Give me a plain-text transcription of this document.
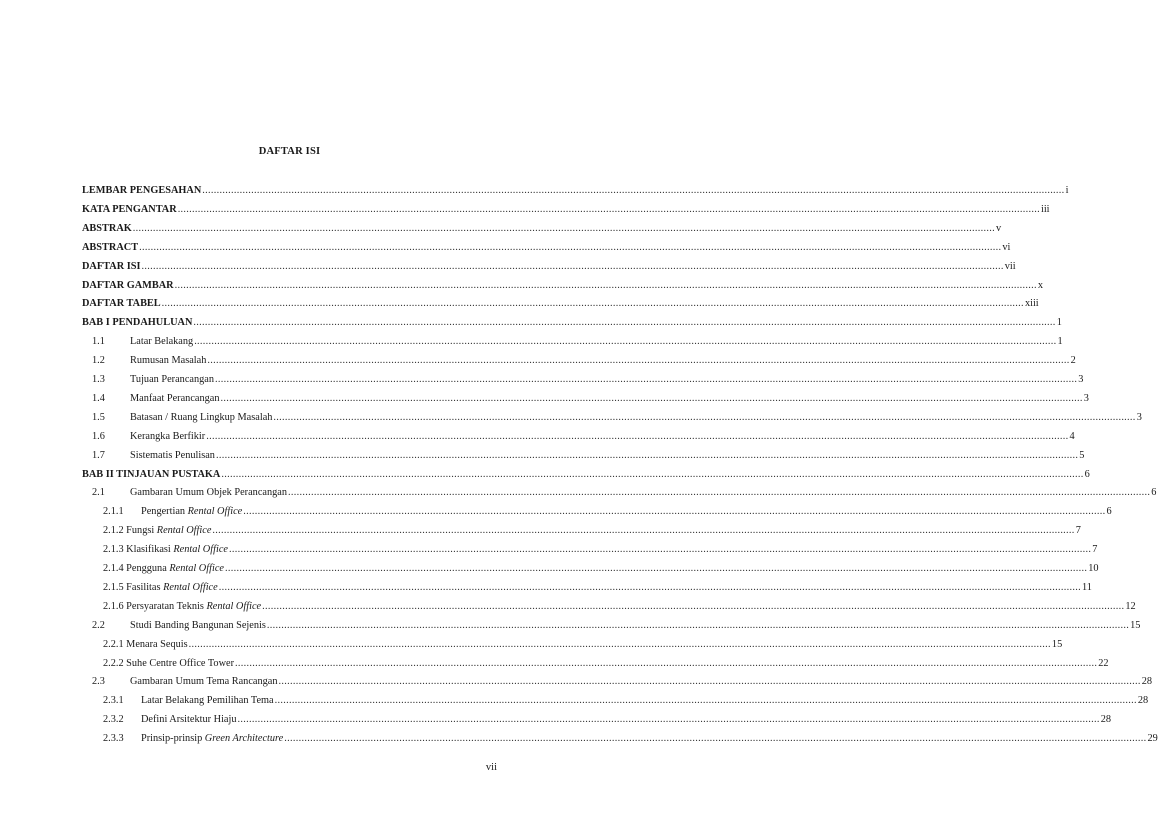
DAFTAR ISI
LEMBAR PENGESAHAN ............................................................................................................................................................................................................................................................................................................ i
KATA PENGANTAR ............................................................................................................................................................................................................................................................................................................ iii
ABSTRAK ............................................................................................................................................................................................................................................................................................................ v
ABSTRACT ............................................................................................................................................................................................................................................................................................................ vi
DAFTAR ISI ............................................................................................................................................................................................................................................................................................................ vii
DAFTAR GAMBAR ............................................................................................................................................................................................................................................................................................................ x
DAFTAR TABEL ............................................................................................................................................................................................................................................................................................................ xiii
BAB I PENDAHULUAN ............................................................................................................................................................................................................................................................................................................ 1
1.1	Latar Belakang ............................................................................................................................................................................................................................................................................................................ 1
1.2	Rumusan Masalah ............................................................................................................................................................................................................................................................................................................ 2
1.3	Tujuan Perancangan ............................................................................................................................................................................................................................................................................................................ 3
1.4	Manfaat Perancangan ............................................................................................................................................................................................................................................................................................................ 3
1.5	Batasan / Ruang Lingkup Masalah ............................................................................................................................................................................................................................................................................................................ 3
1.6	Kerangka Berfikir ............................................................................................................................................................................................................................................................................................................ 4
1.7	Sistematis Penulisan ............................................................................................................................................................................................................................................................................................................ 5
BAB II TINJAUAN PUSTAKA ............................................................................................................................................................................................................................................................................................................ 6
2.1	Gambaran Umum Objek Perancangan ............................................................................................................................................................................................................................................................................................................ 6
2.1.1	Pengertian Rental Office ............................................................................................................................................................................................................................................................................................................ 6
2.1.2 Fungsi Rental Office ............................................................................................................................................................................................................................................................................................................ 7
2.1.3 Klasifikasi Rental Office ............................................................................................................................................................................................................................................................................................................ 7
2.1.4 Pengguna Rental Office ............................................................................................................................................................................................................................................................................................................ 10
2.1.5 Fasilitas Rental Office ............................................................................................................................................................................................................................................................................................................ 11
2.1.6 Persyaratan Teknis Rental Office ............................................................................................................................................................................................................................................................................................................ 12
2.2	Studi Banding Bangunan Sejenis ............................................................................................................................................................................................................................................................................................................ 15
2.2.1 Menara Sequis ............................................................................................................................................................................................................................................................................................................ 15
2.2.2 Suhe Centre Office Tower ............................................................................................................................................................................................................................................................................................................ 22
2.3	Gambaran Umum Tema Rancangan ............................................................................................................................................................................................................................................................................................................ 28
2.3.1	Latar Belakang Pemilihan Tema ............................................................................................................................................................................................................................................................................................................ 28
2.3.2	Defini Arsitektur Hiaju ............................................................................................................................................................................................................................................................................................................ 28
2.3.3	Prinsip-prinsip Green Architecture ............................................................................................................................................................................................................................................................................................................ 29
vii
